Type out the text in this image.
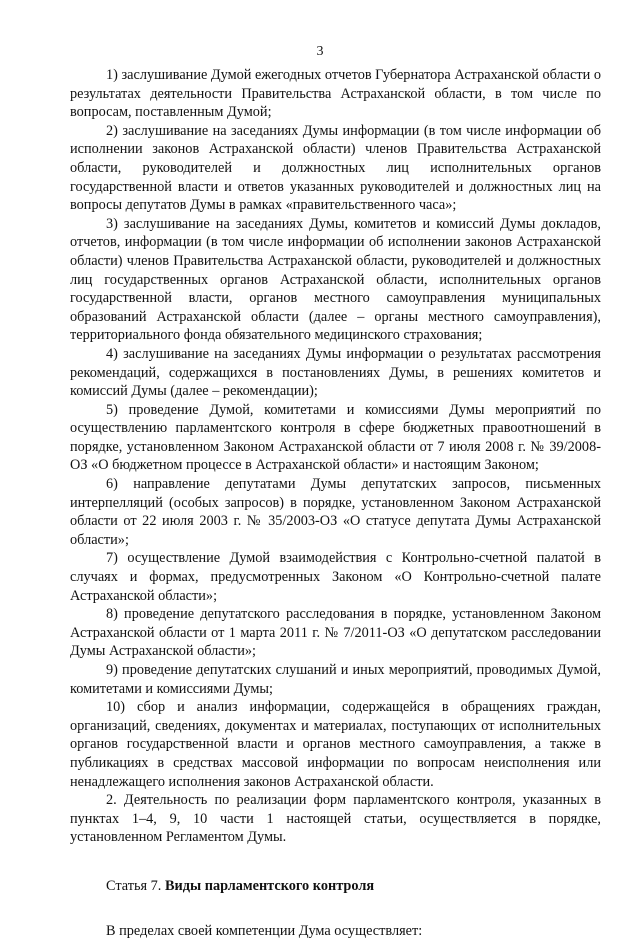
3

1) заслушивание Думой ежегодных отчетов Губернатора Астраханской области о результатах деятельности Правительства Астраханской области, в том числе по вопросам, поставленным Думой;

2) заслушивание на заседаниях Думы информации (в том числе информации об исполнении законов Астраханской области) членов Правительства Астраханской области, руководителей и должностных лиц исполнительных органов государственной власти и ответов указанных руководителей и должностных лиц на вопросы депутатов Думы в рамках «правительственного часа»;

3) заслушивание на заседаниях Думы, комитетов и комиссий Думы докладов, отчетов, информации (в том числе информации об исполнении законов Астраханской области) членов Правительства Астраханской области, руководителей и должностных лиц государственных органов Астраханской области, исполнительных органов государственной власти, органов местного самоуправления муниципальных образований Астраханской области (далее – органы местного самоуправления), территориального фонда обязательного медицинского страхования;

4) заслушивание на заседаниях Думы информации о результатах рассмотрения рекомендаций, содержащихся в постановлениях Думы, в решениях комитетов и комиссий Думы (далее – рекомендации);

5) проведение Думой, комитетами и комиссиями Думы мероприятий по осуществлению парламентского контроля в сфере бюджетных правоотношений в порядке, установленном Законом Астраханской области от 7 июля 2008 г. № 39/2008-ОЗ «О бюджетном процессе в Астраханской области» и настоящим Законом;

6) направление депутатами Думы депутатских запросов, письменных интерпелляций (особых запросов) в порядке, установленном Законом Астраханской области от 22 июля 2003 г. № 35/2003-ОЗ «О статусе депутата Думы Астраханской области»;

7) осуществление Думой взаимодействия с Контрольно-счетной палатой в случаях и формах, предусмотренных Законом «О Контрольно-счетной палате Астраханской области»;

8) проведение депутатского расследования в порядке, установленном Законом Астраханской области от 1 марта 2011 г. № 7/2011-ОЗ «О депутатском расследовании Думы Астраханской области»;

9) проведение депутатских слушаний и иных мероприятий, проводимых Думой, комитетами и комиссиями Думы;

10) сбор и анализ информации, содержащейся в обращениях граждан, организаций, сведениях, документах и материалах, поступающих от исполнительных органов государственной власти и органов местного самоуправления, а также в публикациях в средствах массовой информации по вопросам неисполнения или ненадлежащего исполнения законов Астраханской области.

2. Деятельность по реализации форм парламентского контроля, указанных в пунктах 1–4, 9, 10 части 1 настоящей статьи, осуществляется в порядке, установленном Регламентом Думы.

Статья 7. Виды парламентского контроля

В пределах своей компетенции Дума осуществляет:
